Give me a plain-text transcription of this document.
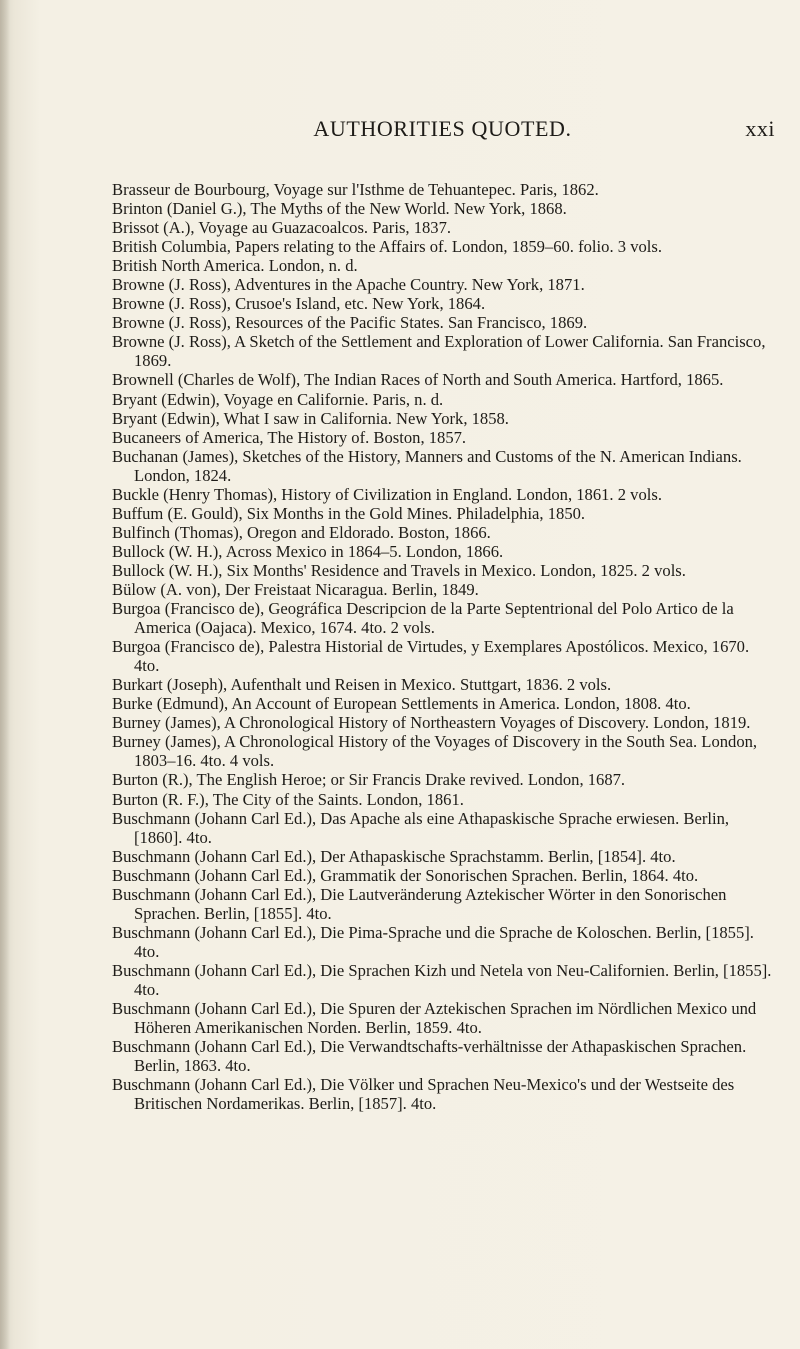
AUTHORITIES QUOTED.	xxi
Brasseur de Bourbourg, Voyage sur l'Isthme de Tehuantepec. Paris, 1862.
Brinton (Daniel G.), The Myths of the New World. New York, 1868.
Brissot (A.), Voyage au Guazacoalcos. Paris, 1837.
British Columbia, Papers relating to the Affairs of. London, 1859–60. folio. 3 vols.
British North America. London, n. d.
Browne (J. Ross), Adventures in the Apache Country. New York, 1871.
Browne (J. Ross), Crusoe's Island, etc. New York, 1864.
Browne (J. Ross), Resources of the Pacific States. San Francisco, 1869.
Browne (J. Ross), A Sketch of the Settlement and Exploration of Lower California. San Francisco, 1869.
Brownell (Charles de Wolf), The Indian Races of North and South America. Hartford, 1865.
Bryant (Edwin), Voyage en Californie. Paris, n. d.
Bryant (Edwin), What I saw in California. New York, 1858.
Bucaneers of America, The History of. Boston, 1857.
Buchanan (James), Sketches of the History, Manners and Customs of the N. American Indians. London, 1824.
Buckle (Henry Thomas), History of Civilization in England. London, 1861. 2 vols.
Buffum (E. Gould), Six Months in the Gold Mines. Philadelphia, 1850.
Bulfinch (Thomas), Oregon and Eldorado. Boston, 1866.
Bullock (W. H.), Across Mexico in 1864–5. London, 1866.
Bullock (W. H.), Six Months' Residence and Travels in Mexico. London, 1825. 2 vols.
Bülow (A. von), Der Freistaat Nicaragua. Berlin, 1849.
Burgoa (Francisco de), Geográfica Descripcion de la Parte Septentrional del Polo Artico de la America (Oajaca). Mexico, 1674. 4to. 2 vols.
Burgoa (Francisco de), Palestra Historial de Virtudes, y Exemplares Apostólicos. Mexico, 1670. 4to.
Burkart (Joseph), Aufenthalt und Reisen in Mexico. Stuttgart, 1836. 2 vols.
Burke (Edmund), An Account of European Settlements in America. London, 1808. 4to.
Burney (James), A Chronological History of Northeastern Voyages of Discovery. London, 1819.
Burney (James), A Chronological History of the Voyages of Discovery in the South Sea. London, 1803–16. 4to. 4 vols.
Burton (R.), The English Heroe; or Sir Francis Drake revived. London, 1687.
Burton (R. F.), The City of the Saints. London, 1861.
Buschmann (Johann Carl Ed.), Das Apache als eine Athapaskische Sprache erwiesen. Berlin, [1860]. 4to.
Buschmann (Johann Carl Ed.), Der Athapaskische Sprachstamm. Berlin, [1854]. 4to.
Buschmann (Johann Carl Ed.), Grammatik der Sonorischen Sprachen. Berlin, 1864. 4to.
Buschmann (Johann Carl Ed.), Die Lautveränderung Aztekischer Wörter in den Sonorischen Sprachen. Berlin, [1855]. 4to.
Buschmann (Johann Carl Ed.), Die Pima-Sprache und die Sprache de Koloschen. Berlin, [1855]. 4to.
Buschmann (Johann Carl Ed.), Die Sprachen Kizh und Netela von Neu-Californien. Berlin, [1855]. 4to.
Buschmann (Johann Carl Ed.), Die Spuren der Aztekischen Sprachen im Nördlichen Mexico und Höheren Amerikanischen Norden. Berlin, 1859. 4to.
Buschmann (Johann Carl Ed.), Die Verwandtschafts-verhältnisse der Athapaskischen Sprachen. Berlin, 1863. 4to.
Buschmann (Johann Carl Ed.), Die Völker und Sprachen Neu-Mexico's und der Westseite des Britischen Nordamerikas. Berlin, [1857]. 4to.
